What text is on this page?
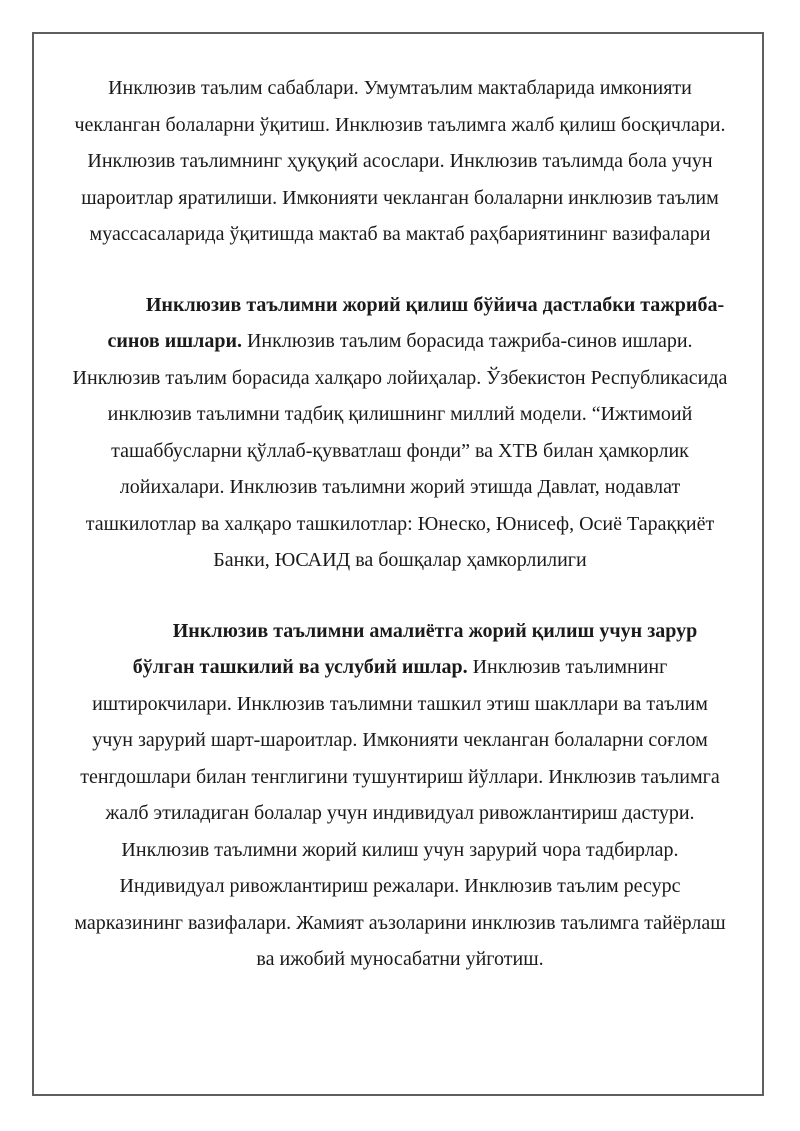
Инклюзив таълим сабаблари. Умумтаълим мактабларида имконияти чекланган болаларни ўқитиш. Инклюзив таълимга жалб қилиш босқичлари. Инклюзив таълимнинг ҳуқуқий асослари. Инклюзив таълимда бола учун шароитлар яратилиши. Имконияти чекланган болаларни инклюзив таълим муассасаларида ўқитишда мактаб ва мактаб раҳбариятининг вазифалари

Инклюзив таълимни жорий қилиш бўйича дастлабки тажриба-синов ишлари. Инклюзив таълим борасида тажриба-синов ишлари. Инклюзив таълим борасида халқаро лойиҳалар. Ўзбекистон Республикасида инклюзив таълимни тадбиқ қилишнинг миллий модели. “Ижтимоий ташаббусларни қўллаб-қувватлаш фонди” ва ХТВ билан ҳамкорлик лойихалари. Инклюзив таълимни жорий этишда Давлат, нодавлат ташкилотлар ва халқаро ташкилотлар: Юнеско, Юнисеф, Осиё Тараққиёт Банки, ЮСАИД ва бошқалар ҳамкорлилиги

Инклюзив таълимни амалиётга жорий қилиш учун зарур бўлган ташкилий ва услубий ишлар. Инклюзив таълимнинг иштирокчилари. Инклюзив таълимни ташкил этиш шакллари ва таълим учун зарурий шарт-шароитлар. Имконияти чекланган болаларни соғлом тенгдошлари билан тенглигини тушунтириш йўллари. Инклюзив таълимга жалб этиладиган болалар учун индивидуал ривожлантириш дастури. Инклюзив таълимни жорий килиш учун зарурий чора тадбирлар. Индивидуал ривожлантириш режалари. Инклюзив таълим ресурс марказининг вазифалари. Жамият аъзоларини инклюзив таълимга тайёрлаш ва ижобий муносабатни уйготиш.
